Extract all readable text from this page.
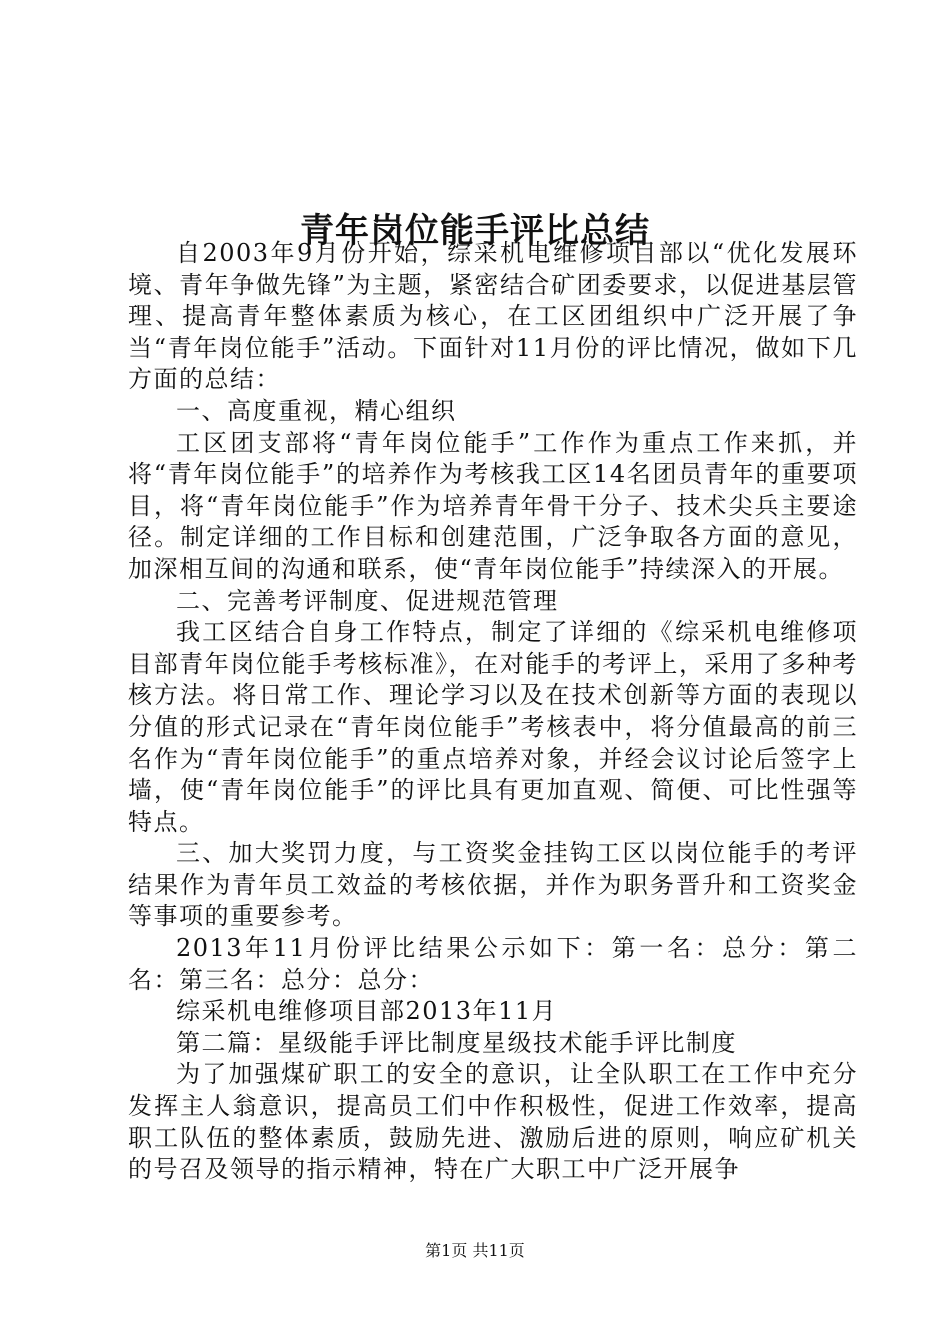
青年岗位能手评比总结

自2003年9月份开始，综采机电维修项目部以“优化发展环境、青年争做先锋”为主题，紧密结合矿团委要求，以促进基层管理、提高青年整体素质为核心，在工区团组织中广泛开展了争当“青年岗位能手”活动。下面针对11月份的评比情况，做如下几方面的总结：

一、高度重视，精心组织

工区团支部将“青年岗位能手”工作作为重点工作来抓，并将“青年岗位能手”的培养作为考核我工区14名团员青年的重要项目，将“青年岗位能手”作为培养青年骨干分子、技术尖兵主要途径。制定详细的工作目标和创建范围，广泛争取各方面的意见，加深相互间的沟通和联系，使“青年岗位能手”持续深入的开展。

二、完善考评制度、促进规范管理

我工区结合自身工作特点，制定了详细的《综采机电维修项目部青年岗位能手考核标准》，在对能手的考评上，采用了多种考核方法。将日常工作、理论学习以及在技术创新等方面的表现以分值的形式记录在“青年岗位能手”考核表中，将分值最高的前三名作为“青年岗位能手”的重点培养对象，并经会议讨论后签字上墙，使“青年岗位能手”的评比具有更加直观、简便、可比性强等特点。

三、加大奖罚力度，与工资奖金挂钩工区以岗位能手的考评结果作为青年员工效益的考核依据，并作为职务晋升和工资奖金等事项的重要参考。

2013年11月份评比结果公示如下：第一名：总分：第二名：第三名：总分：总分：

综采机电维修项目部2013年11月

第二篇：星级能手评比制度星级技术能手评比制度

为了加强煤矿职工的安全的意识，让全队职工在工作中充分发挥主人翁意识，提高员工们中作积极性，促进工作效率，提高职工队伍的整体素质，鼓励先进、激励后进的原则，响应矿机关的号召及领导的指示精神，特在广大职工中广泛开展争

第1页 共11页
